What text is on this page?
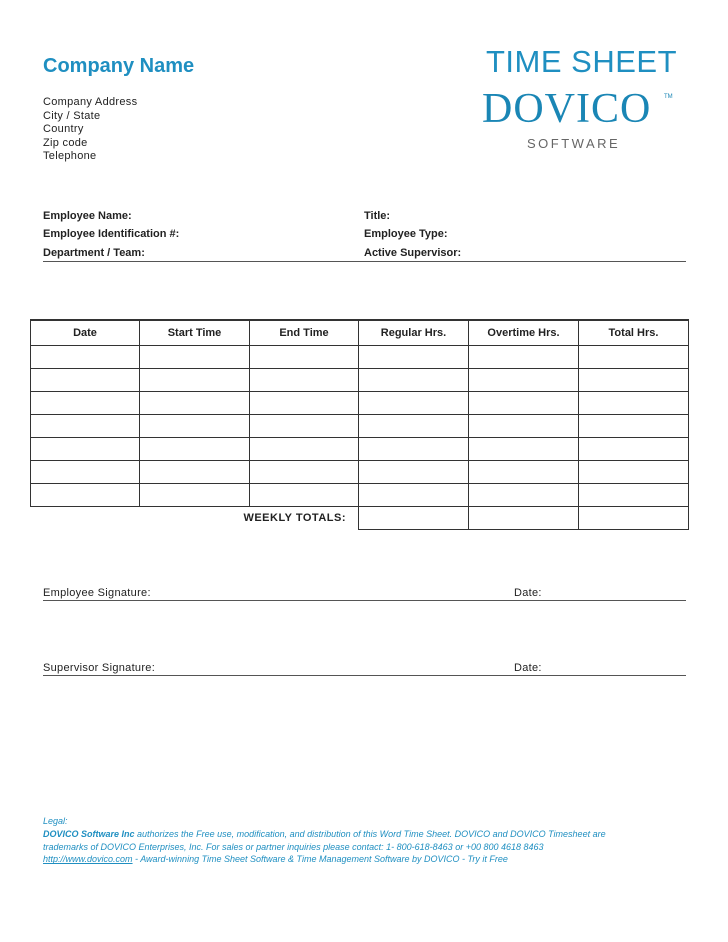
Company Name
Company Address
City / State
Country
Zip code
Telephone
TIME SHEET
DOVICO TM
SOFTWARE
Employee Name:
Employee Identification #:
Department / Team:
Title:
Employee Type:
Active Supervisor:
Date	Start Time	End Time	Regular Hrs.	Overtime Hrs.	Total Hrs.

WEEKLY TOTALS:					
Employee Signature:	Date:
Supervisor Signature:	Date:
Legal:
DOVICO Software Inc authorizes the Free use, modification, and distribution of this Word Time Sheet. DOVICO and DOVICO Timesheet are
trademarks of DOVICO Enterprises, Inc. For sales or partner inquiries please contact: 1- 800-618-8463 or +00 800 4618 8463
http://www.dovico.com - Award-winning Time Sheet Software & Time Management Software by DOVICO - Try it Free
